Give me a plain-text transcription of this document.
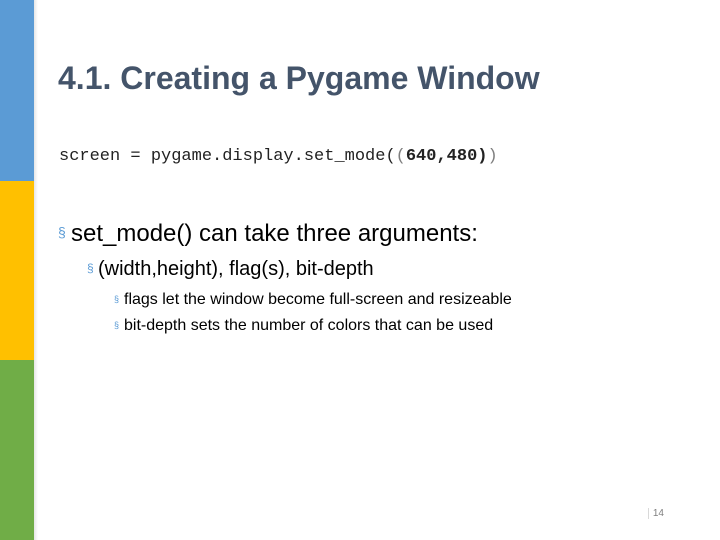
4.1. Creating a Pygame Window
screen = pygame.display.set_mode((640,480))
§ set_mode() can take three arguments:
§ (width,height), flag(s), bit-depth
§ flags let the window become full-screen and resizeable
§ bit-depth sets the number of colors that can be used
14
